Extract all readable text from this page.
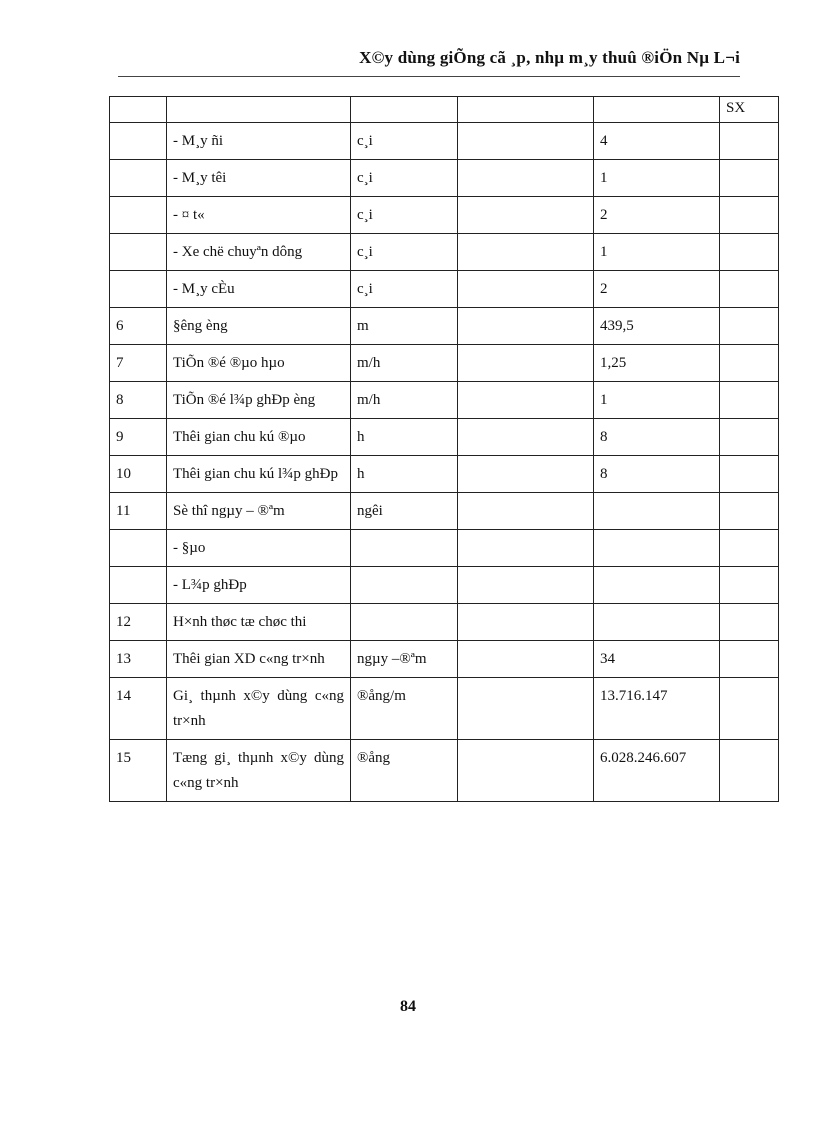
X©y dùng giÕng cã ¸p, nhµ m¸y thuû ®iÖn Nµ L¬i
					SX
	- M¸y ñi	c¸i		4	
	- M¸y têi	c¸i		1	
	- ¤ t«	c¸i		2	
	- Xe chë chuyªn dông	c¸i		1	
	- M¸y cÈu	c¸i		2	
6	§êng èng	m		439,5	
7	TiÕn ®é ®µo hµo	m/h		1,25	
8	TiÕn ®é l¾p ghÐp èng	m/h		1	
9	Thêi gian chu kú ®µo	h		8	
10	Thêi gian chu kú l¾p ghÐp	h		8	
11	Sè thî ngµy – ®ªm	ngêi			
	- §µo				
	- L¾p ghÐp				
12	H×nh thøc tæ chøc thi				
13	Thêi gian XD c«ng tr×nh	ngµy –®ªm		34	
14	Gi¸ thµnh x©y dùng c«ng tr×nh	®ång/m		13.716.147	
15	Tæng gi¸ thµnh x©y dùng c«ng tr×nh	®ång		6.028.246.607	
84
